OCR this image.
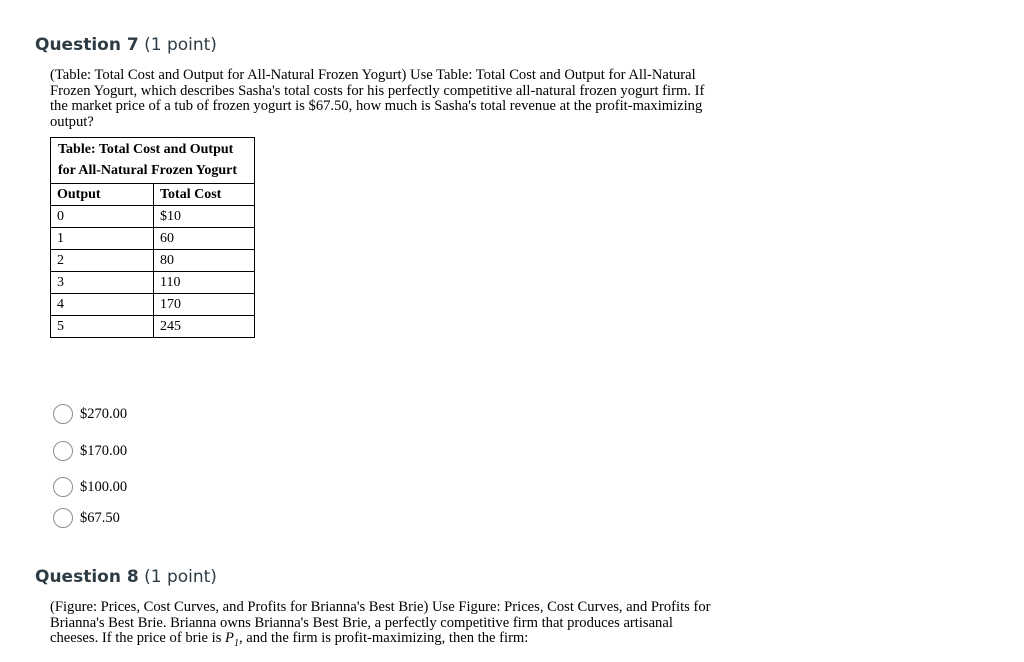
Question 7 (1 point)
(Table: Total Cost and Output for All-Natural Frozen Yogurt) Use Table: Total Cost and Output for All-Natural Frozen Yogurt, which describes Sasha's total costs for his perfectly competitive all-natural frozen yogurt firm. If the market price of a tub of frozen yogurt is $67.50, how much is Sasha's total revenue at the profit-maximizing output?
Table: Total Cost and Output for All-Natural Frozen Yogurt	

Output	Total Cost
0	$10
1	60
2	80
3	110
4	170
5	245
$270.00
$170.00
$100.00
$67.50
Question 8 (1 point)
(Figure: Prices, Cost Curves, and Profits for Brianna's Best Brie) Use Figure: Prices, Cost Curves, and Profits for Brianna's Best Brie. Brianna owns Brianna's Best Brie, a perfectly competitive firm that produces artisanal cheeses. If the price of brie is $P_1$, and the firm is profit-maximizing, then the firm:
